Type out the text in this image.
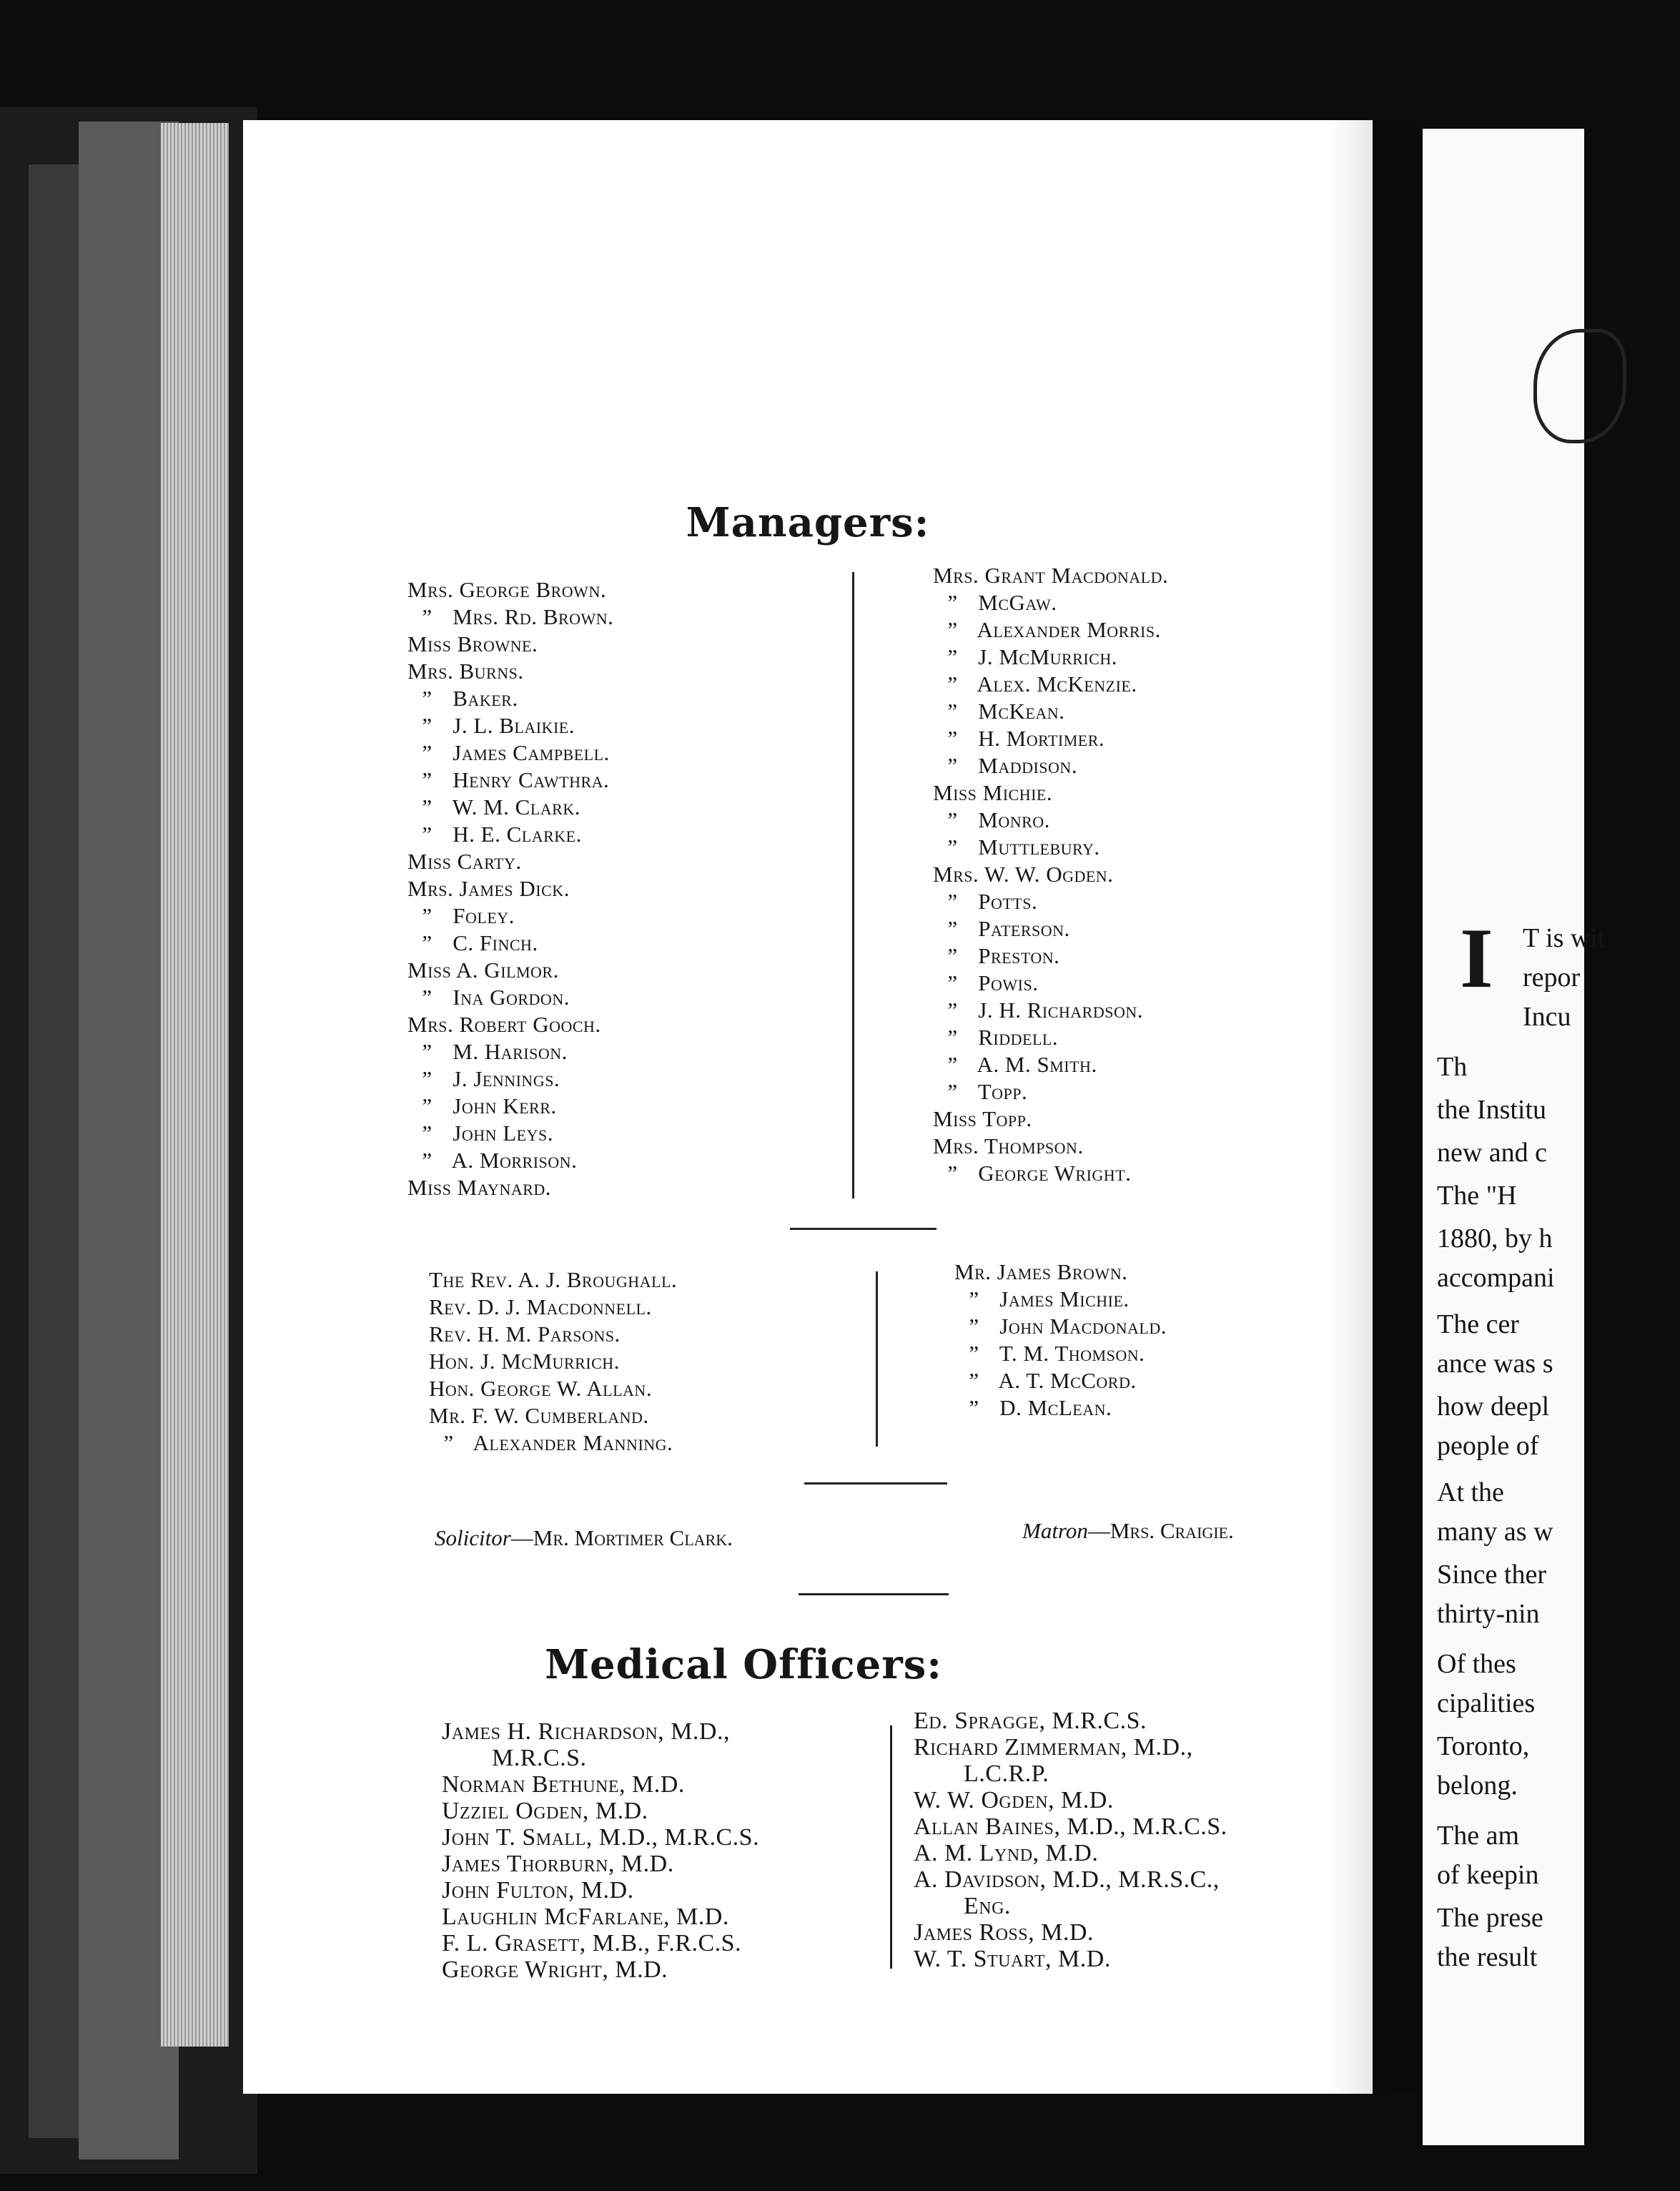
Managers:
Mrs. George Brown.
” Mrs. Rd. Brown.
Miss Browne.
Mrs. Burns.
” Baker.
” J. L. Blaikie.
” James Campbell.
” Henry Cawthra.
” W. M. Clark.
” H. E. Clarke.
Miss Carty.
Mrs. James Dick.
” Foley.
” C. Finch.
Miss A. Gilmor.
” Ina Gordon.
Mrs. Robert Gooch.
” M. Harison.
” J. Jennings.
” John Kerr.
” John Leys.
” A. Morrison.
Miss Maynard.
Mrs. Grant Macdonald.
” McGaw.
” Alexander Morris.
” J. McMurrich.
” Alex. McKenzie.
” McKean.
” H. Mortimer.
” Maddison.
Miss Michie.
” Monro.
” Muttlebury.
Mrs. W. W. Ogden.
” Potts.
” Paterson.
” Preston.
” Powis.
” J. H. Richardson.
” Riddell.
” A. M. Smith.
” Topp.
Miss Topp.
Mrs. Thompson.
” George Wright.
The Rev. A. J. Broughall.
Rev. D. J. Macdonnell.
Rev. H. M. Parsons.
Hon. J. McMurrich.
Hon. George W. Allan.
Mr. F. W. Cumberland.
” Alexander Manning.
Mr. James Brown.
” James Michie.
” John Macdonald.
” T. M. Thomson.
” A. T. McCord.
” D. McLean.
Solicitor—Mr. Mortimer Clark.	Matron—Mrs. Craigie.
Medical Officers:
James H. Richardson, M.D.,
M.R.C.S.
Norman Bethune, M.D.
Uzziel Ogden, M.D.
John T. Small, M.D., M.R.C.S.
James Thorburn, M.D.
John Fulton, M.D.
Laughlin McFarlane, M.D.
F. L. Grasett, M.B., F.R.C.S.
George Wright, M.D.
Ed. Spragge, M.R.C.S.
Richard Zimmerman, M.D.,
L.C.R.P.
W. W. Ogden, M.D.
Allan Baines, M.D., M.R.C.S.
A. M. Lynd, M.D.
A. Davidson, M.D., M.R.S.C.,
Eng.
James Ross, M.D.
W. T. Stuart, M.D.
I T is wit
repor
Incu
Th
the Institu
new and c
The "H
1880, by h
accompani
The cer
ance was s
how deepl
people of
At the
many as w
Since ther
thirty-nin
Of thes
cipalities
Toronto,
belong.
The am
of keepin
The prese
the result
